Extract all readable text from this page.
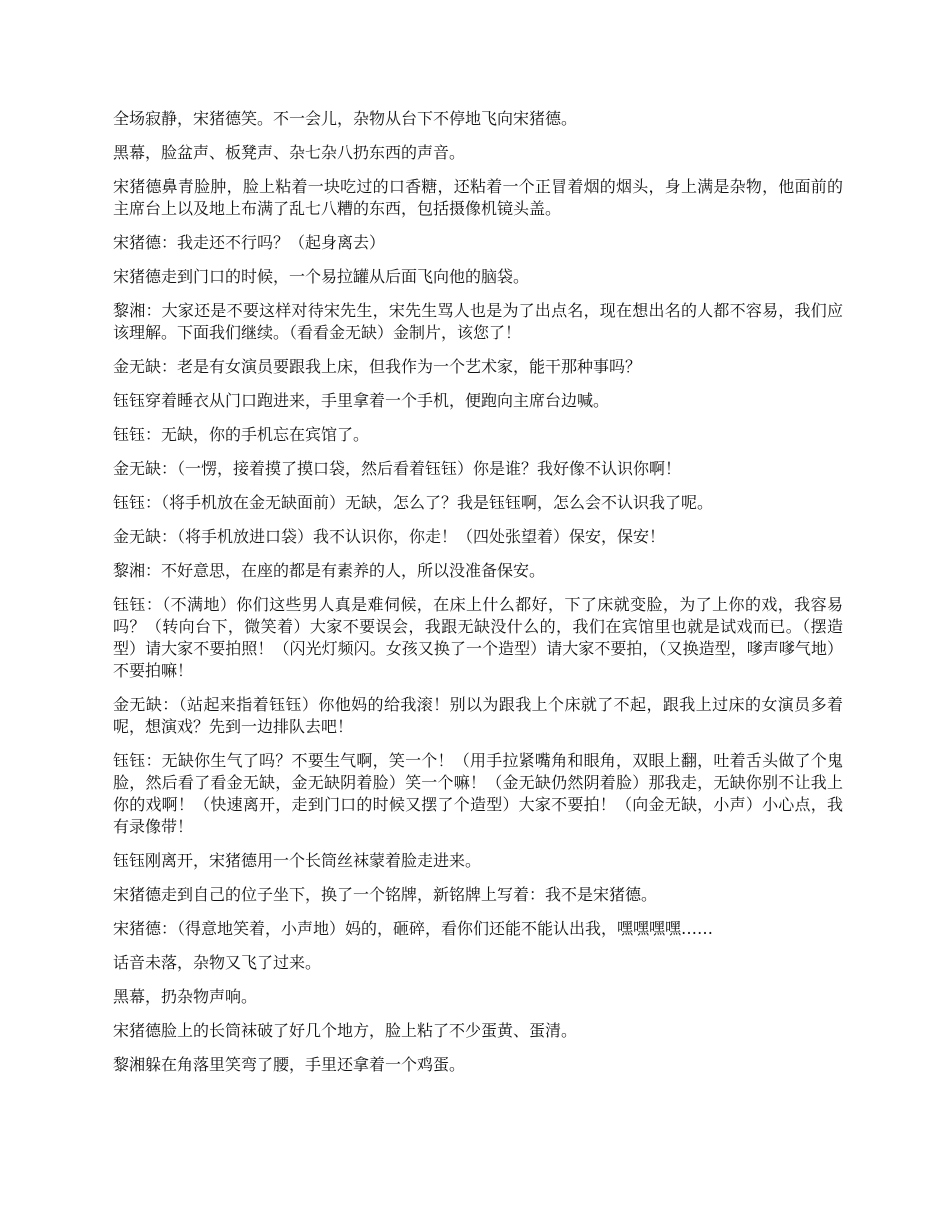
全场寂静，宋猪德笑。不一会儿，杂物从台下不停地飞向宋猪德。

黑幕，脸盆声、板凳声、杂七杂八扔东西的声音。

宋猪德鼻青脸肿，脸上粘着一块吃过的口香糖，还粘着一个正冒着烟的烟头，身上满是杂物，他面前的主席台上以及地上布满了乱七八糟的东西，包括摄像机镜头盖。

宋猪德：我走还不行吗？（起身离去）

宋猪德走到门口的时候，一个易拉罐从后面飞向他的脑袋。

黎湘：大家还是不要这样对待宋先生，宋先生骂人也是为了出点名，现在想出名的人都不容易，我们应该理解。下面我们继续。（看看金无缺）金制片，该您了！

金无缺：老是有女演员要跟我上床，但我作为一个艺术家，能干那种事吗？

钰钰穿着睡衣从门口跑进来，手里拿着一个手机，便跑向主席台边喊。

钰钰：无缺，你的手机忘在宾馆了。

金无缺：（一愣，接着摸了摸口袋，然后看着钰钰）你是谁？我好像不认识你啊！

钰钰：（将手机放在金无缺面前）无缺，怎么了？我是钰钰啊，怎么会不认识我了呢。

金无缺：（将手机放进口袋）我不认识你，你走！（四处张望着）保安，保安！

黎湘：不好意思，在座的都是有素养的人，所以没准备保安。

钰钰：（不满地）你们这些男人真是难伺候，在床上什么都好，下了床就变脸，为了上你的戏，我容易吗？（转向台下，微笑着）大家不要误会，我跟无缺没什么的，我们在宾馆里也就是试戏而已。（摆造型）请大家不要拍照！（闪光灯频闪。女孩又换了一个造型）请大家不要拍，（又换造型，嗲声嗲气地）不要拍嘛！

金无缺：（站起来指着钰钰）你他妈的给我滚！别以为跟我上个床就了不起，跟我上过床的女演员多着呢，想演戏？先到一边排队去吧！

钰钰：无缺你生气了吗？不要生气啊，笑一个！（用手拉紧嘴角和眼角，双眼上翻，吐着舌头做了个鬼脸，然后看了看金无缺，金无缺阴着脸）笑一个嘛！（金无缺仍然阴着脸）那我走，无缺你别不让我上你的戏啊！（快速离开，走到门口的时候又摆了个造型）大家不要拍！（向金无缺，小声）小心点，我有录像带！

钰钰刚离开，宋猪德用一个长筒丝袜蒙着脸走进来。

宋猪德走到自己的位子坐下，换了一个铭牌，新铭牌上写着：我不是宋猪德。

宋猪德：（得意地笑着，小声地）妈的，砸碎，看你们还能不能认出我，嘿嘿嘿嘿……

话音未落，杂物又飞了过来。

黑幕，扔杂物声响。

宋猪德脸上的长筒袜破了好几个地方，脸上粘了不少蛋黄、蛋清。

黎湘躲在角落里笑弯了腰，手里还拿着一个鸡蛋。
